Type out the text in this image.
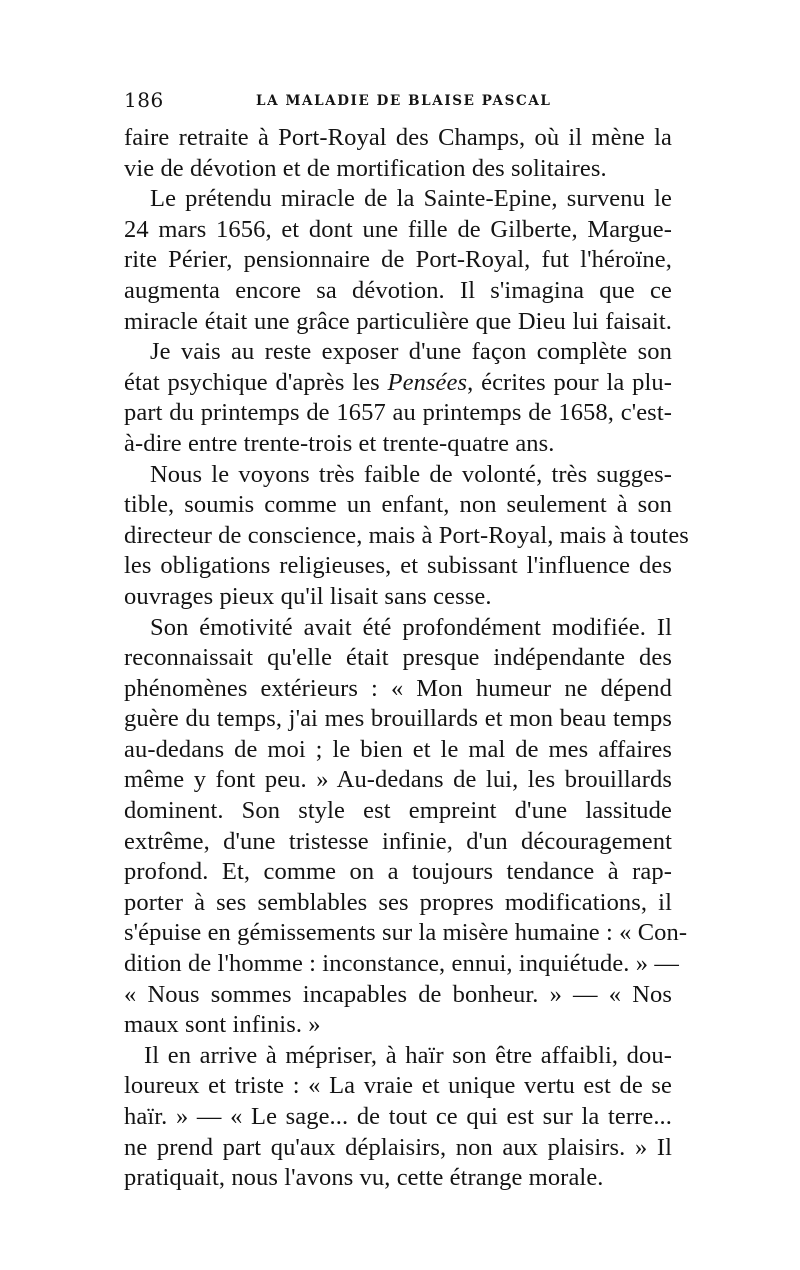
186	LA MALADIE DE BLAISE PASCAL
faire retraite à Port-Royal des Champs, où il mène la
vie de dévotion et de mortification des solitaires.
Le prétendu miracle de la Sainte-Epine, survenu le
24 mars 1656, et dont une fille de Gilberte, Margue-
rite Périer, pensionnaire de Port-Royal, fut l'héroïne,
augmenta encore sa dévotion. Il s'imagina que ce
miracle était une grâce particulière que Dieu lui faisait.
Je vais au reste exposer d'une façon complète son
état psychique d'après les Pensées, écrites pour la plu-
part du printemps de 1657 au printemps de 1658, c'est-
à-dire entre trente-trois et trente-quatre ans.
Nous le voyons très faible de volonté, très sugges-
tible, soumis comme un enfant, non seulement à son
directeur de conscience, mais à Port-Royal, mais à toutes
les obligations religieuses, et subissant l'influence des
ouvrages pieux qu'il lisait sans cesse.
Son émotivité avait été profondément modifiée. Il
reconnaissait qu'elle était presque indépendante des
phénomènes extérieurs : « Mon humeur ne dépend
guère du temps, j'ai mes brouillards et mon beau temps
au-dedans de moi ; le bien et le mal de mes affaires
même y font peu. » Au-dedans de lui, les brouillards
dominent. Son style est empreint d'une lassitude
extrême, d'une tristesse infinie, d'un découragement
profond. Et, comme on a toujours tendance à rap-
porter à ses semblables ses propres modifications, il
s'épuise en gémissements sur la misère humaine : « Con-
dition de l'homme : inconstance, ennui, inquiétude. » —
« Nous sommes incapables de bonheur. » — « Nos
maux sont infinis. »
Il en arrive à mépriser, à haïr son être affaibli, dou-
loureux et triste : « La vraie et unique vertu est de se
haïr. » — « Le sage... de tout ce qui est sur la terre...
ne prend part qu'aux déplaisirs, non aux plaisirs. » Il
pratiquait, nous l'avons vu, cette étrange morale.
